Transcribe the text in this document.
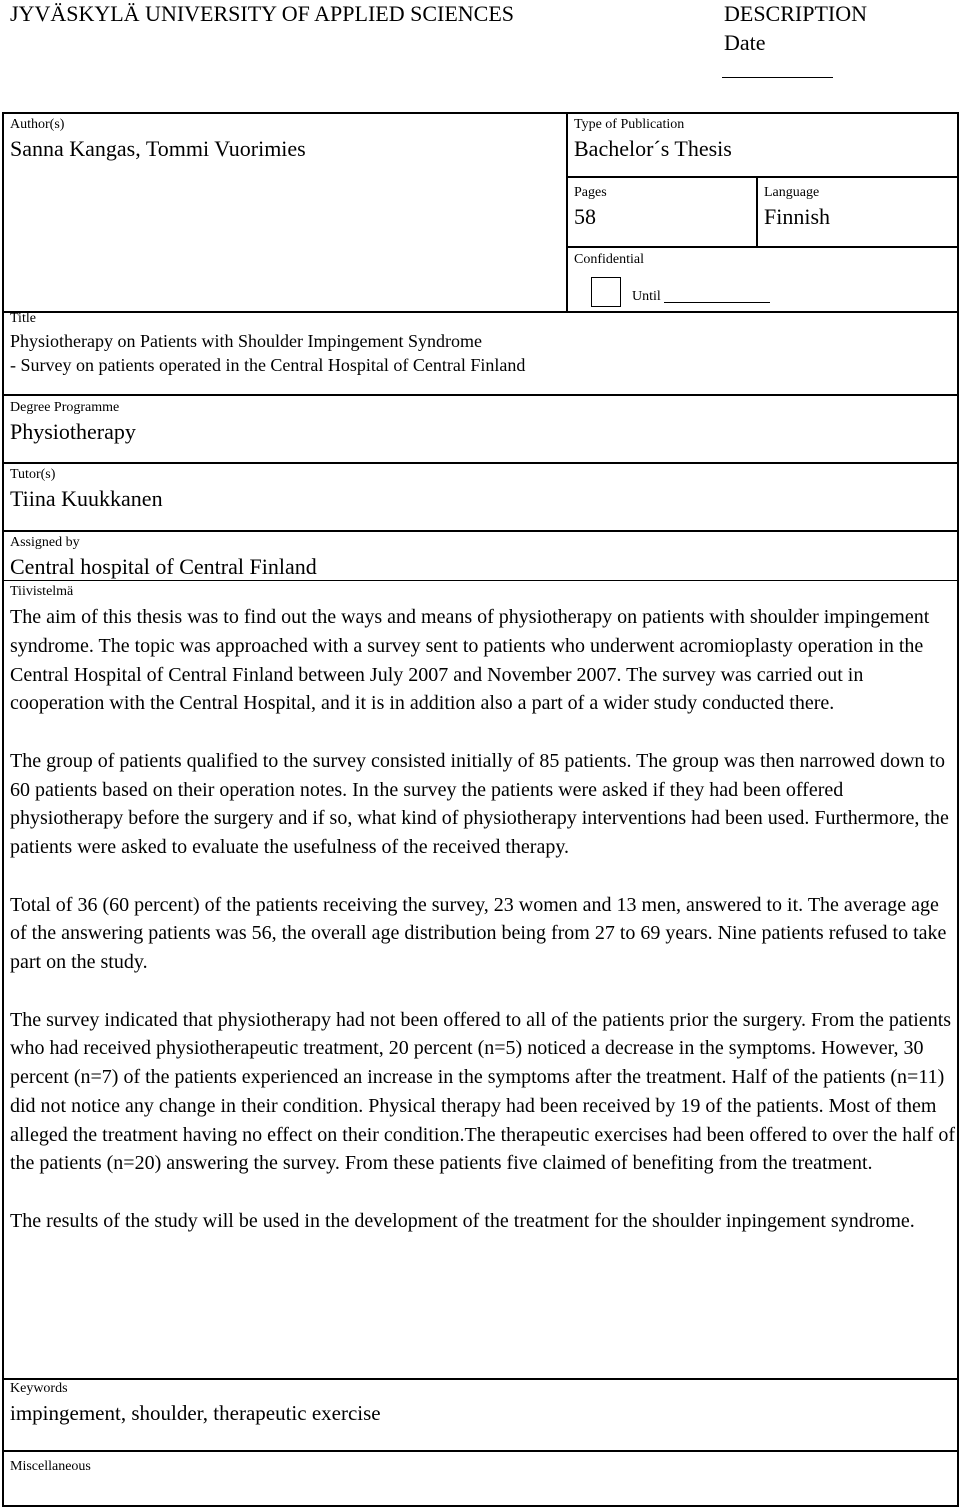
JYVÄSKYLÄ UNIVERSITY OF APPLIED SCIENCES	DESCRIPTION
Date
Author(s)
Sanna Kangas, Tommi Vuorimies
Type of Publication
Bachelor´s Thesis
Pages
58
Language
Finnish
Confidential
Until
Title
Physiotherapy on Patients with Shoulder Impingement Syndrome
- Survey on patients operated in the Central Hospital of Central Finland
Degree Programme
Physiotherapy
Tutor(s)
Tiina Kuukkanen
Assigned by
Central hospital of Central Finland
Tiivistelmä

The aim of this thesis was to find out the ways and means of physiotherapy on patients with shoulder impingement syndrome. The topic was approached with a survey sent to patients who underwent acromioplasty operation in the Central Hospital of Central Finland between July 2007 and November 2007. The survey was carried out in cooperation with the Central Hospital, and it is in addition also a part of a wider study conducted there.

The group of patients qualified to the survey consisted initially of 85 patients. The group was then narrowed down to 60 patients based on their operation notes. In the survey the patients were asked if they had been offered physiotherapy before the surgery and if so, what kind of physiotherapy interventions had been used. Furthermore, the patients were asked to evaluate the usefulness of the received therapy.

Total of 36 (60 percent) of the patients receiving the survey, 23 women and 13 men, answered to it. The average age of the answering patients was 56, the overall age distribution being from 27 to 69 years. Nine patients refused to take part on the study.

The survey indicated that physiotherapy had not been offered to all of the patients prior the surgery. From the patients who had received physiotherapeutic treatment, 20 percent (n=5) noticed a decrease in the symptoms. However, 30 percent (n=7) of the patients experienced an increase in the symptoms after the treatment. Half of the patients (n=11) did not notice any change in their condition. Physical therapy had been received by 19 of the patients. Most of them alleged the treatment having no effect on their condition.The therapeutic exercises had been offered to over the half of the patients (n=20) answering the survey. From these patients five claimed of benefiting from the treatment.

The results of the study will be used in the development of the treatment for the shoulder inpingement syndrome.

Keywords
impingement, shoulder, therapeutic exercise
Miscellaneous
